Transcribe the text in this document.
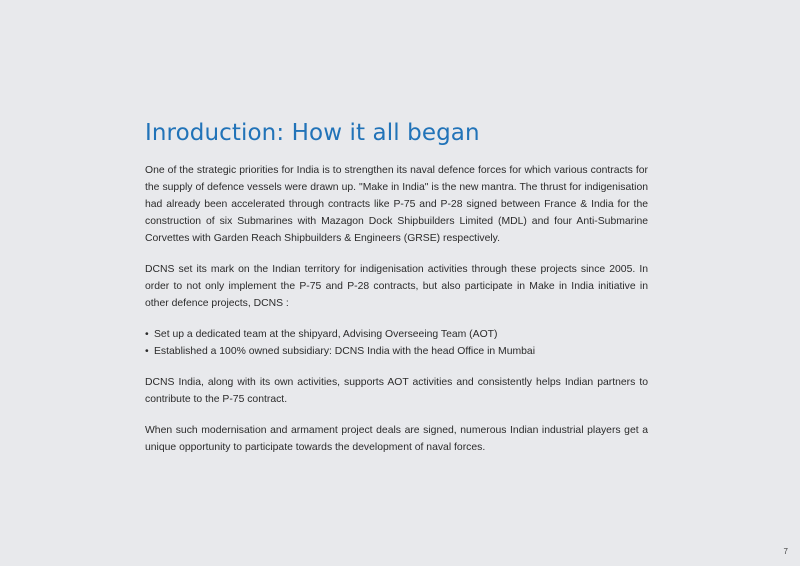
Inroduction: How it all began

One of the strategic priorities for India is to strengthen its naval defence forces for which various contracts for the supply of defence vessels were drawn up. "Make in India" is the new mantra. The thrust for indigenisation had already been accelerated through contracts like P-75 and P-28 signed between France & India for the construction of six Submarines with Mazagon Dock Shipbuilders Limited (MDL) and four Anti-Submarine Corvettes with Garden Reach Shipbuilders & Engineers (GRSE) respectively.

DCNS set its mark on the Indian territory for indigenisation activities through these projects since 2005. In order to not only implement the P-75 and P-28 contracts, but also participate in Make in India initiative in other defence projects, DCNS :

• Set up a dedicated team at the shipyard, Advising Overseeing Team (AOT)
• Established a 100% owned subsidiary: DCNS India with the head Office in Mumbai

DCNS India, along with its own activities, supports AOT activities and consistently helps Indian partners to contribute to the P-75 contract.

When such modernisation and armament project deals are signed, numerous Indian industrial players get a unique opportunity to participate towards the development of naval forces.

7
